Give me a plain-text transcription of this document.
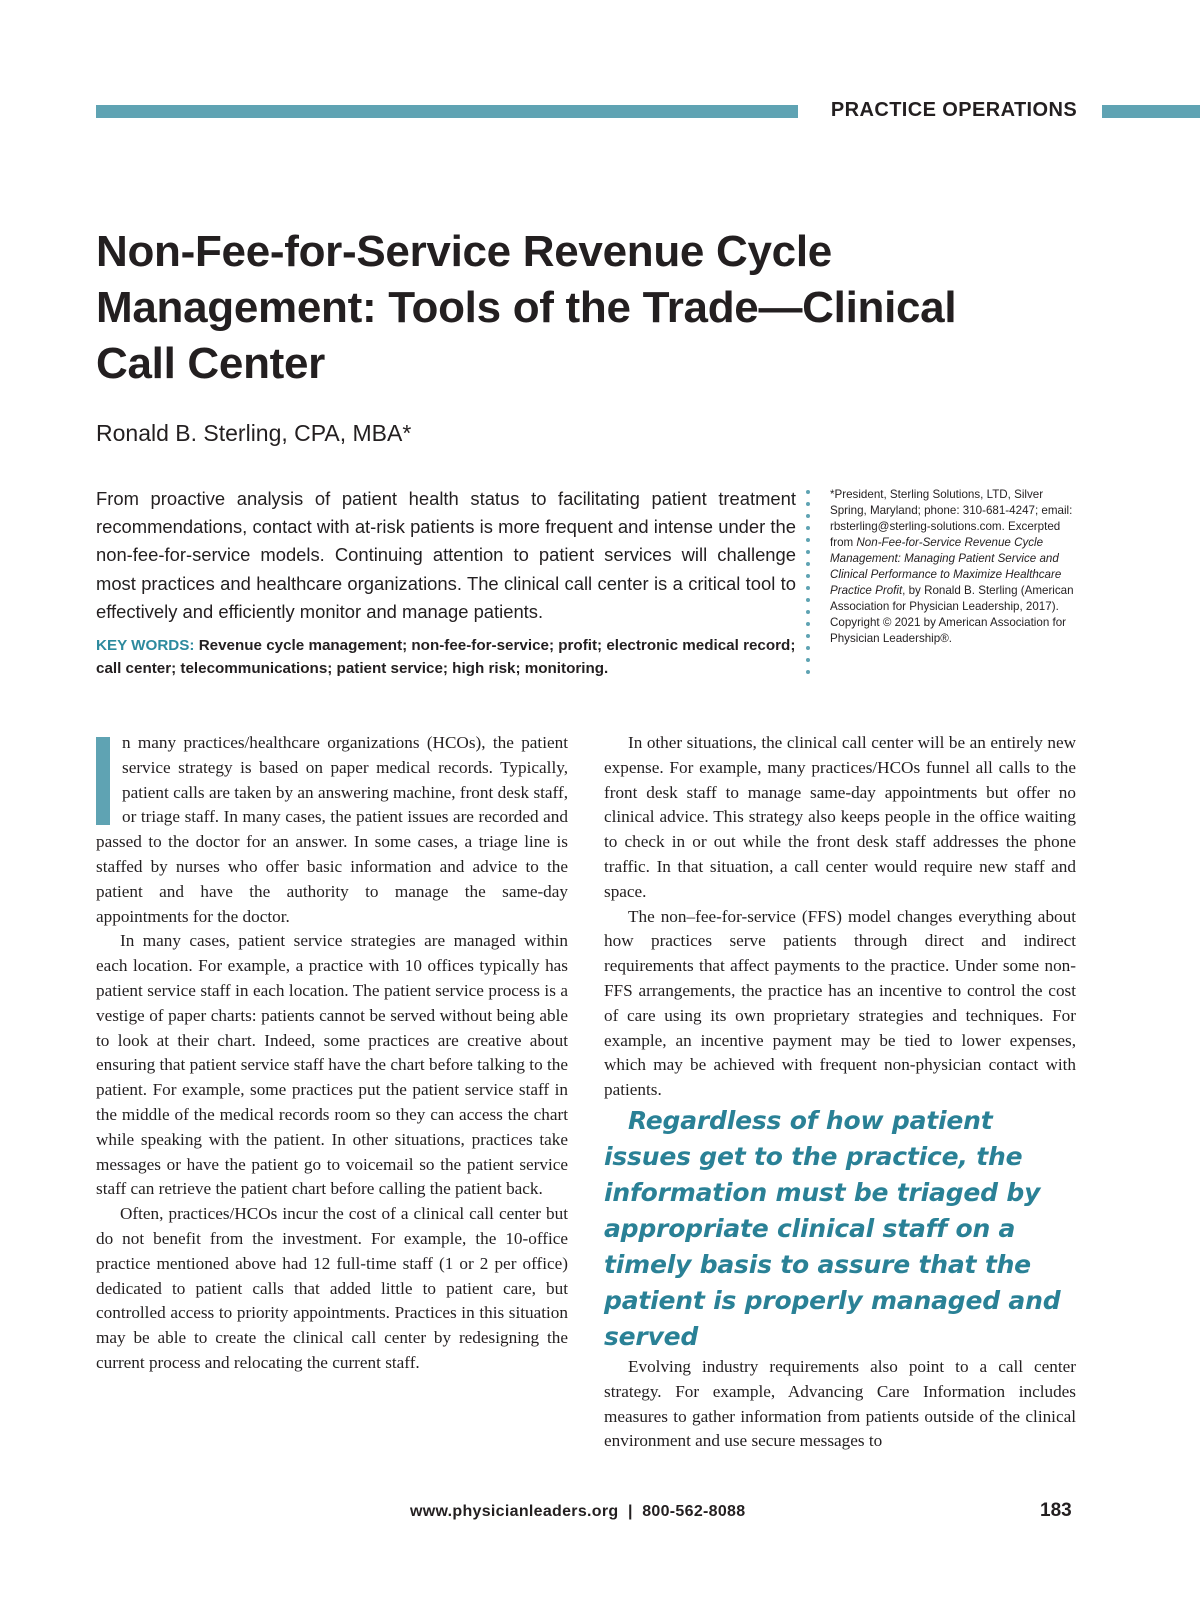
PRACTICE OPERATIONS
Non-Fee-for-Service Revenue Cycle Management: Tools of the Trade—Clinical Call Center
Ronald B. Sterling, CPA, MBA*

From proactive analysis of patient health status to facilitating patient treatment recommendations, contact with at-risk patients is more frequent and intense under the non-fee-for-service models. Continuing attention to patient services will challenge most practices and healthcare organizations. The clinical call center is a critical tool to effectively and efficiently monitor and manage patients.

KEY WORDS: Revenue cycle management; non-fee-for-service; profit; electronic medical record; call center; telecommunications; patient service; high risk; monitoring.

*President, Sterling Solutions, LTD, Silver Spring, Maryland; phone: 310-681-4247; email: rbsterling@sterling-solutions.com. Excerpted from Non-Fee-for-Service Revenue Cycle Management: Managing Patient Service and Clinical Performance to Maximize Healthcare Practice Profit, by Ronald B. Sterling (American Association for Physician Leadership, 2017). Copyright © 2021 by American Association for Physician Leadership®.

n many practices/healthcare organizations (HCOs), the patient service strategy is based on paper medical records. Typically, patient calls are taken by an answering machine, front desk staff, or triage staff. In many cases, the patient issues are recorded and passed to the doctor for an answer. In some cases, a triage line is staffed by nurses who offer basic information and advice to the patient and have the authority to manage the same-day appointments for the doctor.

In many cases, patient service strategies are managed within each location. For example, a practice with 10 offices typically has patient service staff in each location. The patient service process is a vestige of paper charts: patients cannot be served without being able to look at their chart. Indeed, some practices are creative about ensuring that patient service staff have the chart before talking to the patient. For example, some practices put the patient service staff in the middle of the medical records room so they can access the chart while speaking with the patient. In other situations, practices take messages or have the patient go to voicemail so the patient service staff can retrieve the patient chart before calling the patient back.

Often, practices/HCOs incur the cost of a clinical call center but do not benefit from the investment. For example, the 10-office practice mentioned above had 12 full-time staff (1 or 2 per office) dedicated to patient calls that added little to patient care, but controlled access to priority appointments. Practices in this situation may be able to create the clinical call center by redesigning the current process and relocating the current staff.

In other situations, the clinical call center will be an entirely new expense. For example, many practices/HCOs funnel all calls to the front desk staff to manage same-day appointments but offer no clinical advice. This strategy also keeps people in the office waiting to check in or out while the front desk staff addresses the phone traffic. In that situation, a call center would require new staff and space.

The non–fee-for-service (FFS) model changes everything about how practices serve patients through direct and indirect requirements that affect payments to the practice. Under some non-FFS arrangements, the practice has an incentive to control the cost of care using its own proprietary strategies and techniques. For example, an incentive payment may be tied to lower expenses, which may be achieved with frequent non-physician contact with patients.

Regardless of how patient issues get to the practice, the information must be triaged by appropriate clinical staff on a timely basis to assure that the patient is properly managed and served

Evolving industry requirements also point to a call center strategy. For example, Advancing Care Information includes measures to gather information from patients outside of the clinical environment and use secure messages to

www.physicianleaders.org  |  800-562-8088	183
